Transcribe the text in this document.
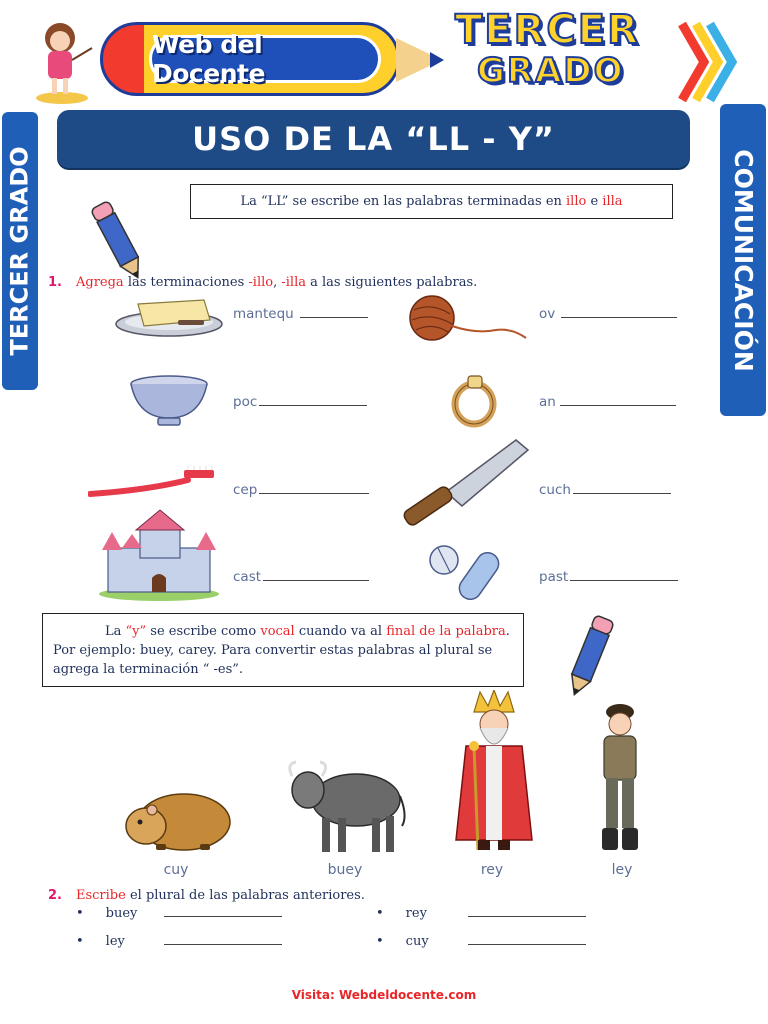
Web del Docente
TERCER
GRADO
USO DE LA “LL - Y”
TERCER GRADO	COMUNICACIÓN
La “LL” se escribe en las palabras terminadas en illo e illa
1. Agrega las terminaciones -illo, -illa a las siguientes palabras.
mantequ	ov
poc	an
cep	cuch
cast	past
La “y” se escribe como vocal cuando va al final de la palabra. Por ejemplo: buey, carey. Para convertir estas palabras al plural se agrega la terminación “ -es”.
cuy	buey	rey	ley
2. Escribe el plural de las palabras anteriores.
• buey	• rey
• ley	• cuy
Visita: Webdeldocente.com
